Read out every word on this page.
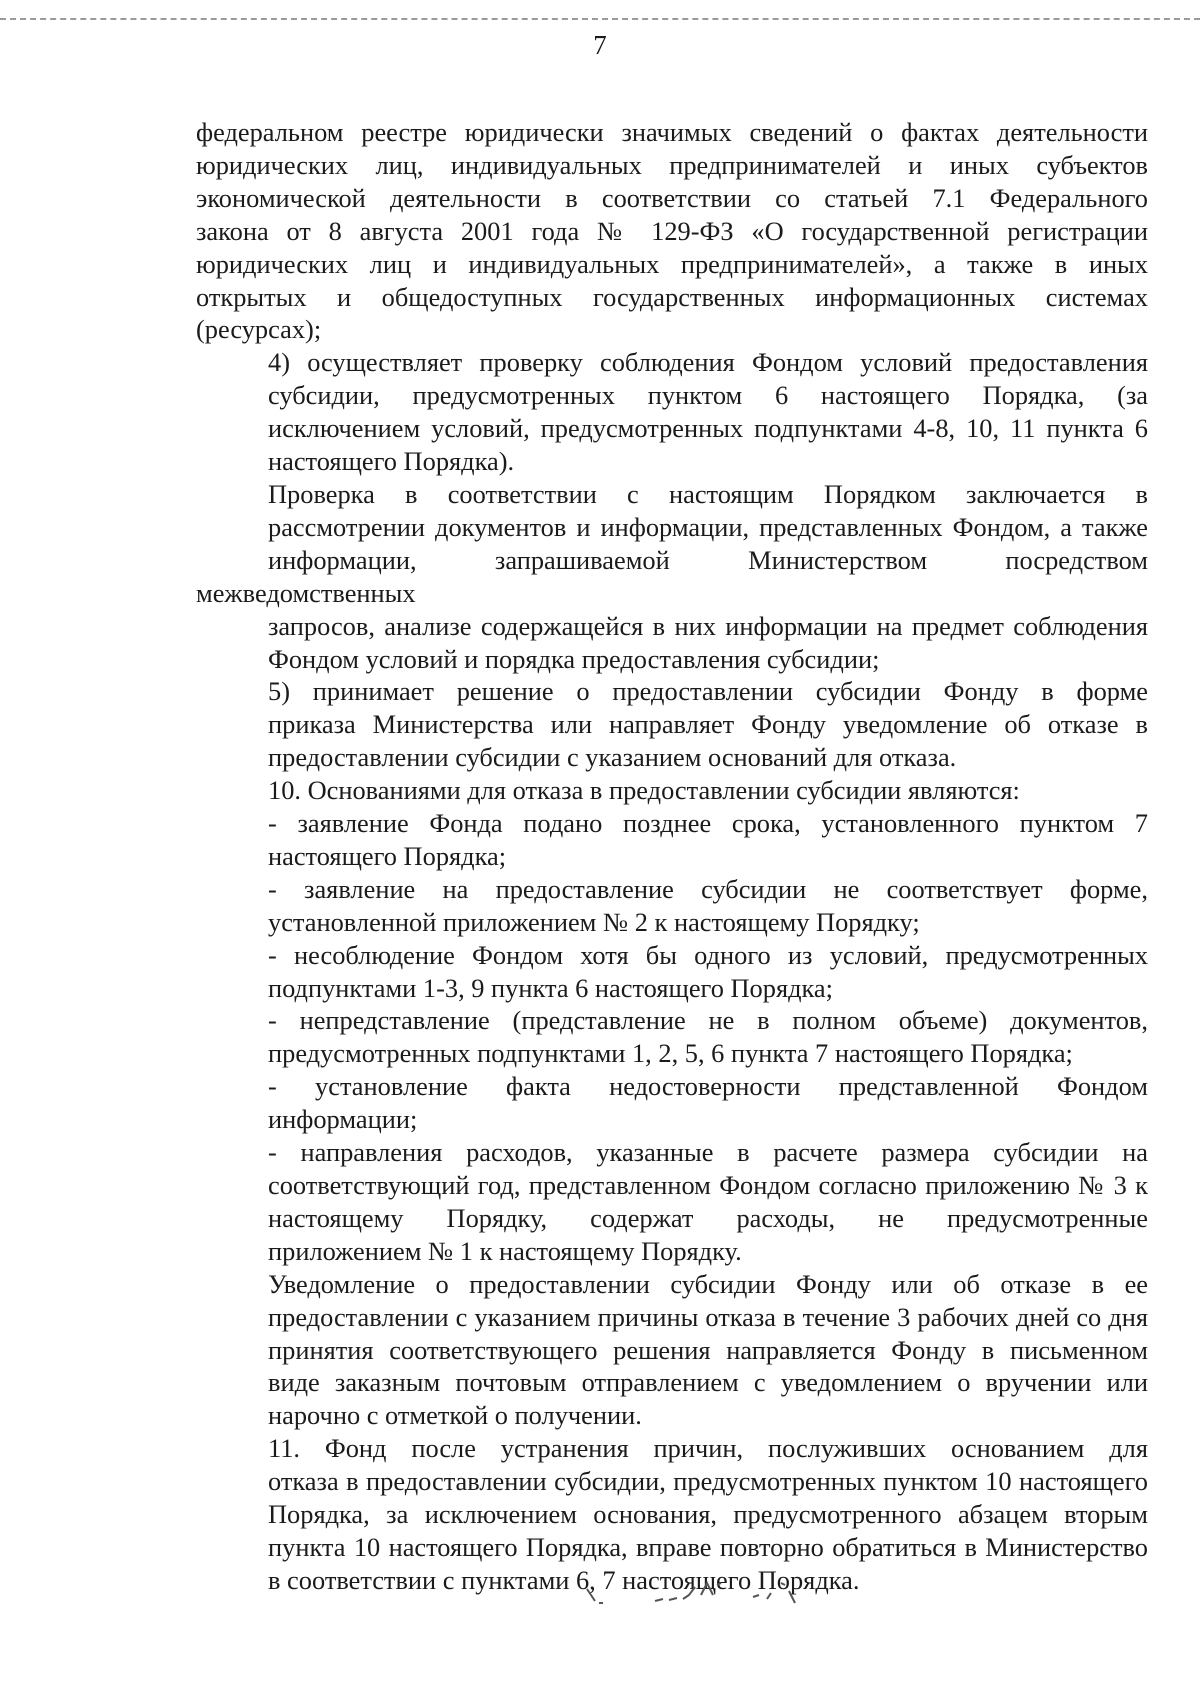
7
федеральном реестре юридически значимых сведений о фактах деятельности
юридических лиц, индивидуальных предпринимателей и иных субъектов
экономической деятельности в соответствии со статьей 7.1 Федерального
закона от 8 августа 2001 года № 129-ФЗ «О государственной регистрации
юридических лиц и индивидуальных предпринимателей», а также в иных
открытых и общедоступных государственных информационных системах
(ресурсах);
4) осуществляет проверку соблюдения Фондом условий предоставления
субсидии, предусмотренных пунктом 6 настоящего Порядка, (за
исключением условий, предусмотренных подпунктами 4-8, 10, 11 пункта 6
настоящего Порядка).
Проверка в соответствии с настоящим Порядком заключается в
рассмотрении документов и информации, представленных Фондом, а также
информации, запрашиваемой Министерством посредством межведомственных
запросов, анализе содержащейся в них информации на предмет соблюдения
Фондом условий и порядка предоставления субсидии;
5) принимает решение о предоставлении субсидии Фонду в форме
приказа Министерства или направляет Фонду уведомление об отказе в
предоставлении субсидии с указанием оснований для отказа.
10. Основаниями для отказа в предоставлении субсидии являются:
- заявление Фонда подано позднее срока, установленного пунктом 7
настоящего Порядка;
- заявление на предоставление субсидии не соответствует форме,
установленной приложением № 2 к настоящему Порядку;
- несоблюдение Фондом хотя бы одного из условий, предусмотренных
подпунктами 1-3, 9 пункта 6 настоящего Порядка;
- непредставление (представление не в полном объеме) документов,
предусмотренных подпунктами 1, 2, 5, 6 пункта 7 настоящего Порядка;
- установление факта недостоверности представленной Фондом
информации;
- направления расходов, указанные в расчете размера субсидии на
соответствующий год, представленном Фондом согласно приложению № 3 к
настоящему Порядку, содержат расходы, не предусмотренные
приложением № 1 к настоящему Порядку.
Уведомление о предоставлении субсидии Фонду или об отказе в ее
предоставлении с указанием причины отказа в течение 3 рабочих дней со дня
принятия соответствующего решения направляется Фонду в письменном
виде заказным почтовым отправлением с уведомлением о вручении или
нарочно с отметкой о получении.
11. Фонд после устранения причин, послуживших основанием для
отказа в предоставлении субсидии, предусмотренных пунктом 10 настоящего
Порядка, за исключением основания, предусмотренного абзацем вторым
пункта 10 настоящего Порядка, вправе повторно обратиться в Министерство
в соответствии с пунктами 6, 7 настоящего Порядка.
